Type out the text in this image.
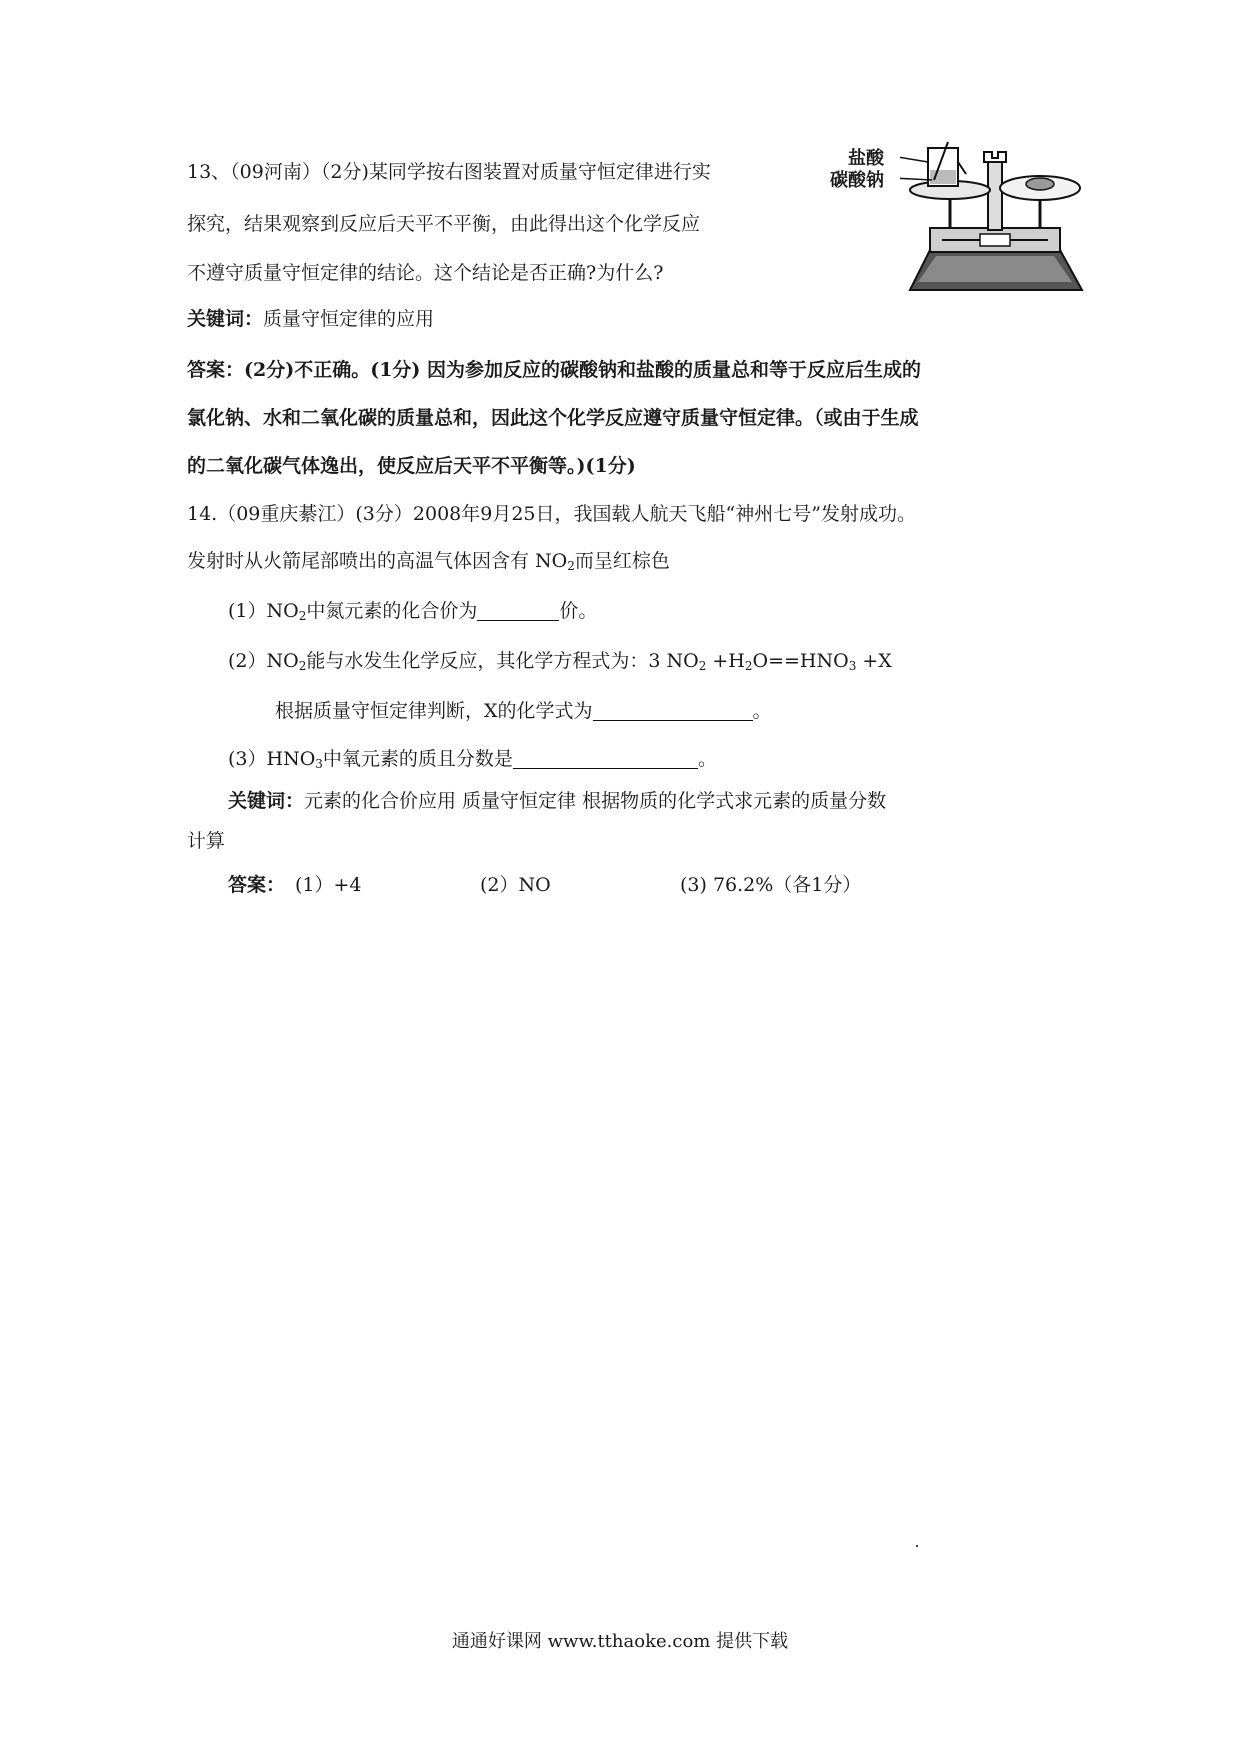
13、（09河南）（2分)某同学按右图装置对质量守恒定律进行实
探究，结果观察到反应后天平不平衡，由此得出这个化学反应
不遵守质量守恒定律的结论。这个结论是否正确?为什么?
关键词：质量守恒定律的应用
答案：(2分)不正确。(1分) 因为参加反应的碳酸钠和盐酸的质量总和等于反应后生成的
氯化钠、水和二氧化碳的质量总和，因此这个化学反应遵守质量守恒定律。（或由于生成
的二氧化碳气体逸出，使反应后天平不平衡等。)(1分)
盐酸
碳酸钠
14.（09重庆綦江）(3分）2008年9月25日，我国载人航天飞船“神州七号”发射成功。
发射时从火箭尾部喷出的高温气体因含有 $NO_2$而呈红棕色
$(1)NO_2$中氮元素的化合价为	价。
$(2)NO_2$能与水发生化学反应，其化学方程式为：3 $NO_2 +H_2O==HNO_3 +X$
根据质量守恒定律判断，X的化学式为	。
$(3)HNO_3$中氧元素的质且分数是	。
关键词：元素的化合价应用 质量守恒定律 根据物质的化学式求元素的质量分数
计算
答案： (1）+4	(2）NO	(3) 76.2%（各1分）
通通好课网 www.tthaoke.com 提供下载
